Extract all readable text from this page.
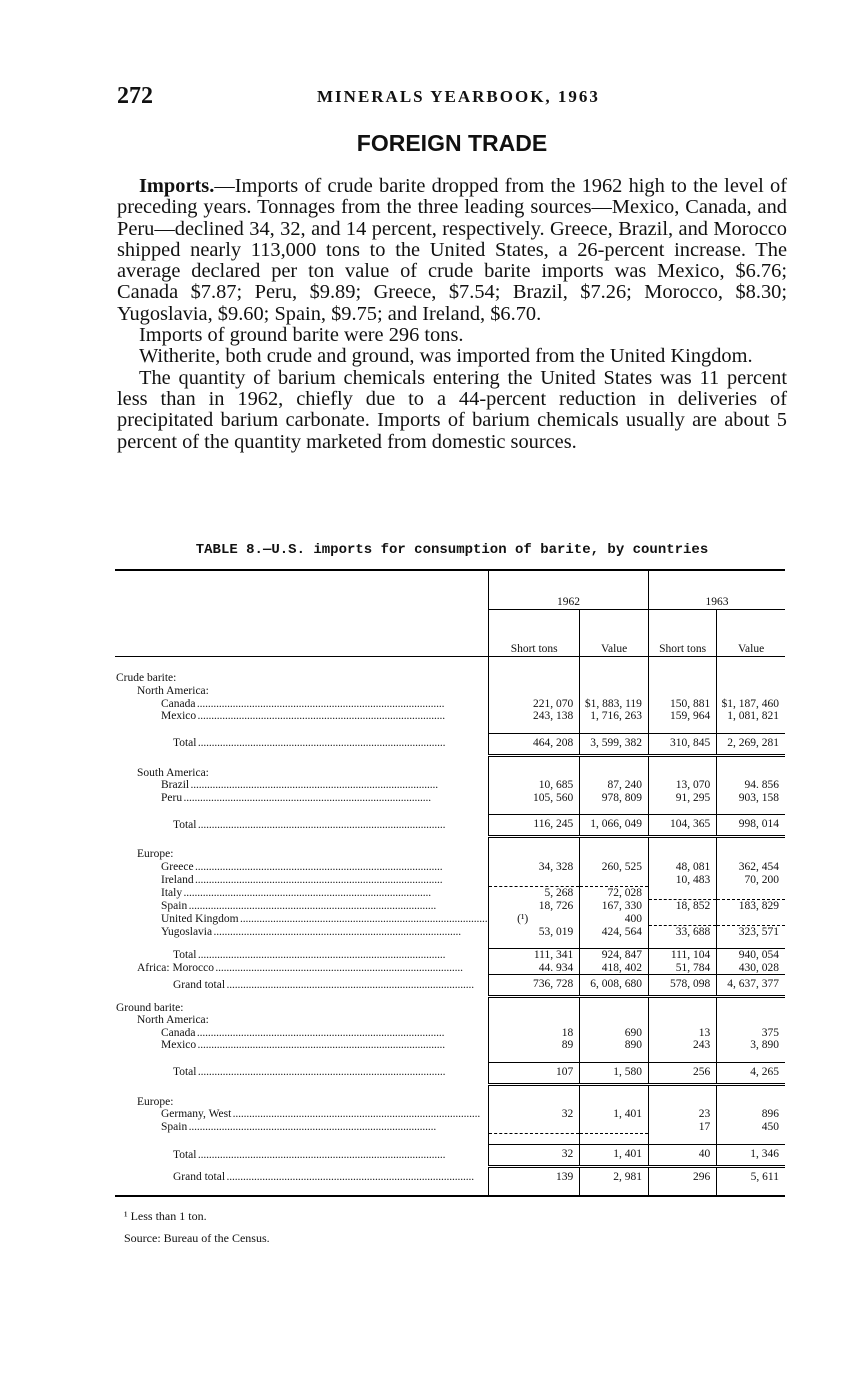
272	MINERALS YEARBOOK, 1963
FOREIGN TRADE

Imports.—Imports of crude barite dropped from the 1962 high to the level of preceding years. Tonnages from the three leading sources—Mexico, Canada, and Peru—declined 34, 32, and 14 percent, respectively. Greece, Brazil, and Morocco shipped nearly 113,000 tons to the United States, a 26-percent increase. The average declared per ton value of crude barite imports was Mexico, $6.76; Canada $7.87; Peru, $9.89; Greece, $7.54; Brazil, $7.26; Morocco, $8.30; Yugoslavia, $9.60; Spain, $9.75; and Ireland, $6.70.

Imports of ground barite were 296 tons.

Witherite, both crude and ground, was imported from the United Kingdom.

The quantity of barium chemicals entering the United States was 11 percent less than in 1962, chiefly due to a 44-percent reduction in deliveries of precipitated barium carbonate. Imports of barium chemicals usually are about 5 percent of the quantity marketed from domestic sources.

TABLE 8.—U.S. imports for consumption of barite, by countries
	1962		1963	
	Short tons	Value	Short tons	Value
Crude barite:				
North America:				
Canada . . .	221, 070	$1, 883, 119	150, 881	$1, 187, 460
Mexico . . .	243, 138	1, 716, 263	159, 964	1, 081, 821

Total . . .	464, 208	3, 599, 382	310, 845	2, 269, 281

South America:				
Brazil . . .	10, 685	87, 240	13, 070	94. 856
Peru . . .	105, 560	978, 809	91, 295	903, 158

Total . . .	116, 245	1, 066, 049	104, 365	998, 014

Europe:				
Greece . . .	34, 328	260, 525	48, 081	362, 454
Ireland . . .			10, 483	70, 200
Italy . . .	5, 268	72, 028		
Spain . . .	18, 726	167, 330	18, 852	183, 829
United Kingdom . . .	(¹)	400		
Yugoslavia . . .	53, 019	424, 564	33, 688	323, 571

Total . . .	111, 341	924, 847	111, 104	940, 054
Africa: Morocco . . .	44. 934	418, 402	51, 784	430, 028
Grand total . . .	736, 728	6, 008, 680	578, 098	4, 637, 377
Ground barite:				
North America:				
Canada . . .	18	690	13	375
Mexico . . .	89	890	243	3, 890

Total . . .	107	1, 580	256	4, 265

Europe:				
Germany, West . . .	32	1, 401	23	896
Spain . . .			17	450

Total . . .	32	1, 401	40	1, 346
Grand total . . .	139	2, 981	296	5, 611

¹ Less than 1 ton.
Source: Bureau of the Census.
